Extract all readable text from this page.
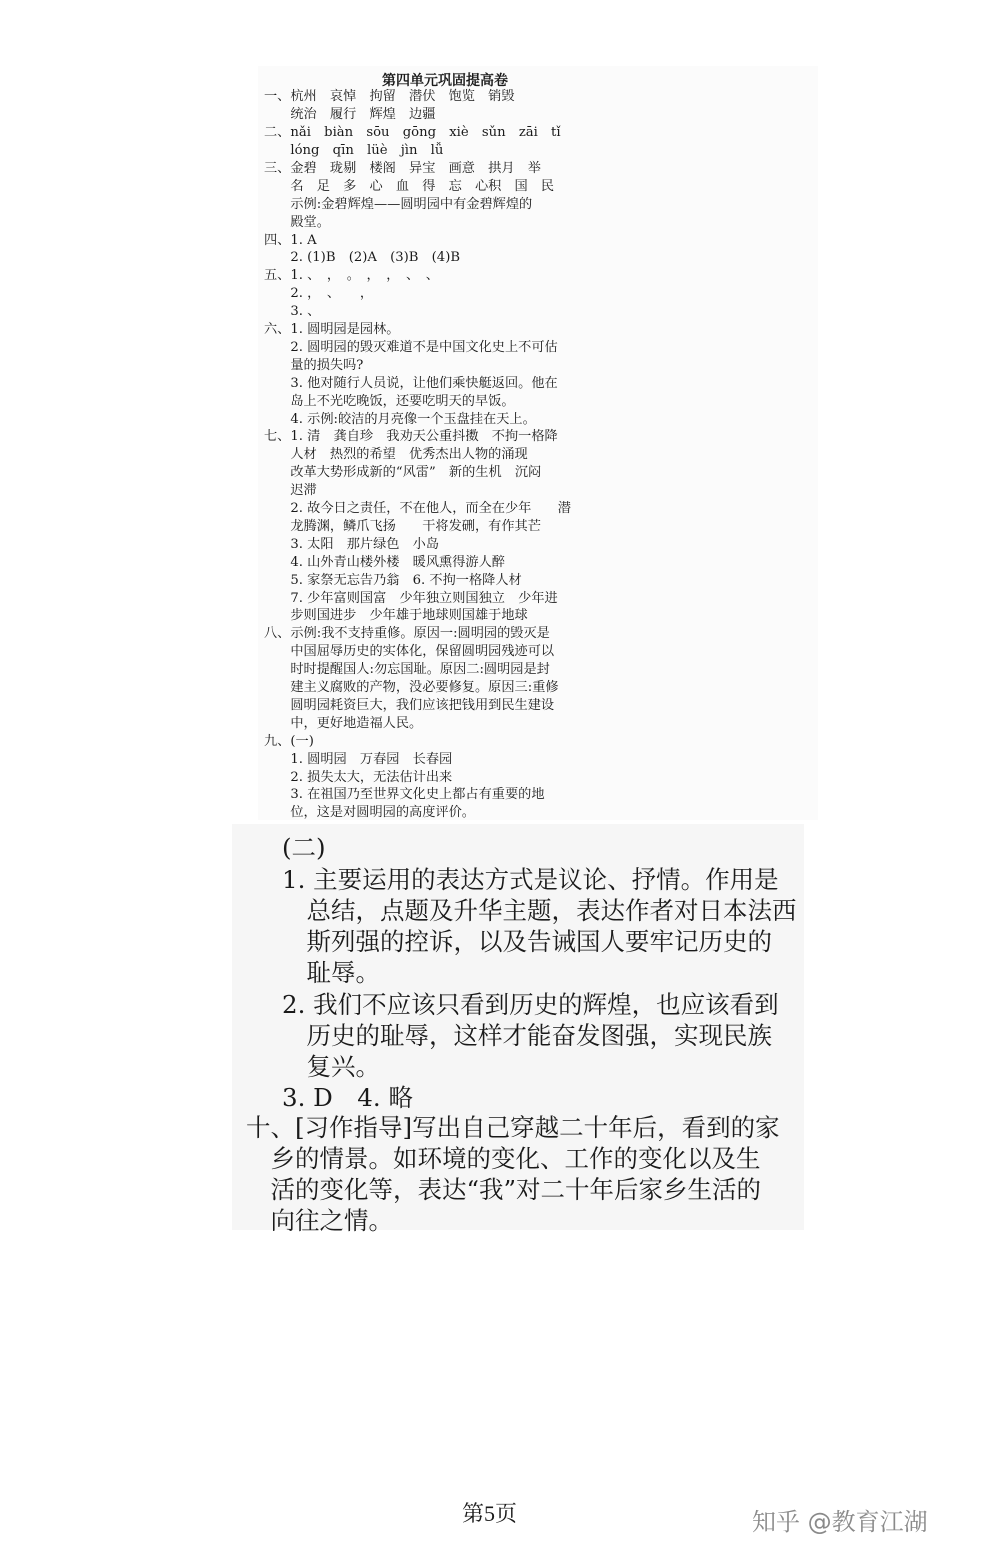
第四单元巩固提高卷
一、杭州　哀悼　拘留　潜伏　饱览　销毁
　　统治　履行　辉煌　边疆
二、nǎi　biàn　sōu　gōng　xiè　sǔn　zāi　tǐ
　　lóng　qīn　lüè　jìn　lǚ
三、金碧　珑剔　楼阁　异宝　画意　拱月　举
　　名　足　多　心　血　得　忘　心积　国　民
　　示例:金碧辉煌——圆明园中有金碧辉煌的
　　殿堂。
四、1. A
　　2. (1)B　(2)A　(3)B　(4)B
五、1. 、　，　。　，　，　、　、
　　2. ，　、　　，
　　3. 、
六、1. 圆明园是园林。
　　2. 圆明园的毁灭难道不是中国文化史上不可估
　　量的损失吗?
　　3. 他对随行人员说，让他们乘快艇返回。他在
　　岛上不光吃晚饭，还要吃明天的早饭。
　　4. 示例:皎洁的月亮像一个玉盘挂在天上。
七、1. 清　龚自珍　我劝天公重抖擞　不拘一格降
　　人材　热烈的希望　优秀杰出人物的涌现
　　改革大势形成新的“风雷”　新的生机　沉闷
　　迟滞
　　2. 故今日之责任，不在他人，而全在少年　　潜
　　龙腾渊，鳞爪飞扬　　干将发硎，有作其芒
　　3. 太阳　那片绿色　小岛
　　4. 山外青山楼外楼　暖风熏得游人醉
　　5. 家祭无忘告乃翁　6. 不拘一格降人材
　　7. 少年富则国富　少年独立则国独立　少年进
　　步则国进步　少年雄于地球则国雄于地球
八、示例:我不支持重修。原因一:圆明园的毁灭是
　　中国屈辱历史的实体化，保留圆明园残迹可以
　　时时提醒国人:勿忘国耻。原因二:圆明园是封
　　建主义腐败的产物，没必要修复。原因三:重修
　　圆明园耗资巨大，我们应该把钱用到民生建设
　　中，更好地造福人民。
九、(一)
　　1. 圆明园　万春园　长春园
　　2. 损失太大，无法估计出来
　　3. 在祖国乃至世界文化史上都占有重要的地
　　位，这是对圆明园的高度评价。
(二)
1. 主要运用的表达方式是议论、抒情。作用是
　总结，点题及升华主题，表达作者对日本法西
　斯列强的控诉，以及告诫国人要牢记历史的
　耻辱。
2. 我们不应该只看到历史的辉煌，也应该看到
　历史的耻辱，这样才能奋发图强，实现民族
　复兴。
3. D　4. 略
十、[习作指导]写出自己穿越二十年后，看到的家
　乡的情景。如环境的变化、工作的变化以及生
　活的变化等，表达“我”对二十年后家乡生活的
　向往之情。
第5页	知乎 @教育江湖
